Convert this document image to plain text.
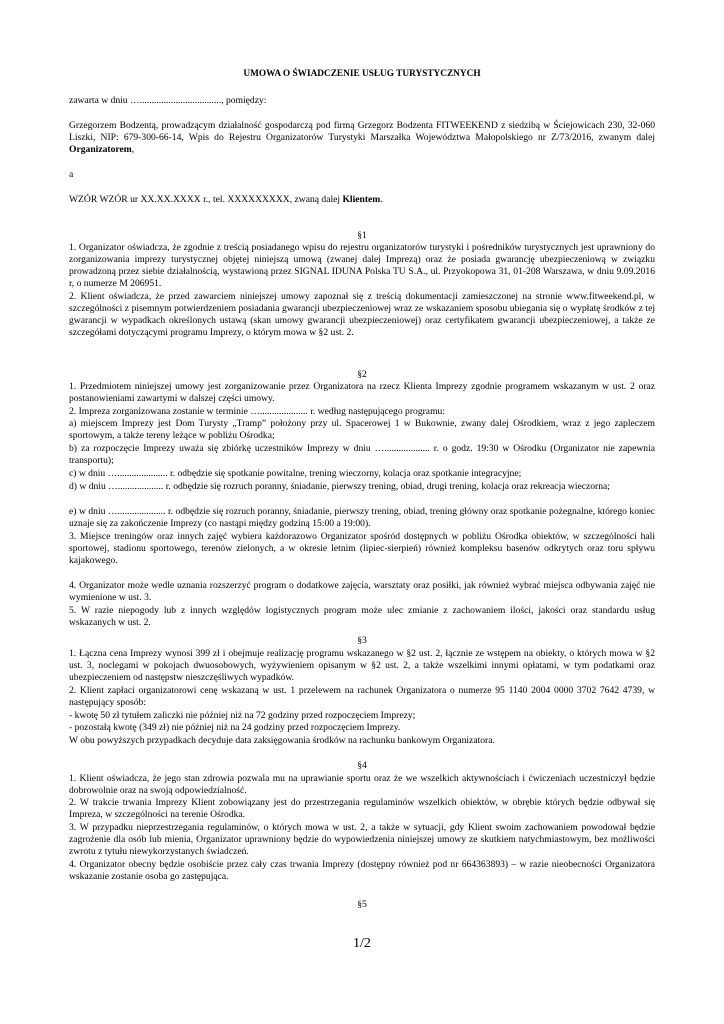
UMOWA O ŚWIADCZENIE USŁUG TURYSTYCZNYCH
zawarta w dniu ….................................., pomiędzy:
Grzegorzem Bodzentą, prowadzącym działalność gospodarczą pod firmą Grzegorz Bodzenta FITWEEKEND z siedzibą w Ściejowicach 230, 32-060 Liszki, NIP: 679-300-66-14, Wpis do Rejestru Organizatorów Turystyki Marszałka Województwa Małopolskiego nr Z/73/2016, zwanym dalej Organizatorem,
a
WZÓR WZÓR ur XX.XX.XXXX r., tel. XXXXXXXXX, zwaną dalej Klientem.
§1
1. Organizator oświadcza, że zgodnie z treścią posiadanego wpisu do rejestru organizatorów turystyki i pośredników turystycznych jest uprawniony do zorganizowania imprezy turystycznej objętej niniejszą umową (zwanej dalej Imprezą) oraz że posiada gwarancję ubezpieczeniową w związku prowadzoną przez siebie działalnością, wystawioną przez SIGNAL IDUNA Polska TU S.A., ul. Przyokopowa 31, 01-208 Warszawa, w dniu 9.09.2016 r, o numerze M 206951.
2. Klient oświadcza, że przed zawarciem niniejszej umowy zapoznał się z treścią dokumentacji zamieszczonej na stronie www.fitweekend.pl, w szczególności z pisemnym potwierdzeniem posiadania gwarancji ubezpieczeniowej wraz ze wskazaniem sposobu ubiegania się o wypłatę środków z tej gwarancji w wypadkach określonych ustawą (skan umowy gwarancji ubezpieczeniowej) oraz certyfikatem gwarancji ubezpieczeniowej, a także ze szczegółami dotyczącymi programu Imprezy, o którym mowa w §2 ust. 2.
§2
1. Przedmiotem niniejszej umowy jest zorganizowanie przez Organizatora na rzecz Klienta Imprezy zgodnie programem wskazanym w ust. 2 oraz postanowieniami zawartymi w dalszej części umowy.
2. Impreza zorganizowana zostanie w terminie ….................... r. według następującego programu:
a) miejscem Imprezy jest Dom Turysty „Tramp” położony przy ul. Spacerowej 1 w Bukownie, zwany dalej Ośrodkiem, wraz z jego zapleczem sportowym, a także tereny leżące w pobliżu Ośrodka;
b) za rozpoczęcie Imprezy uważa się zbiórkę uczestników Imprezy w dniu …................... r. o godz. 19:30 w Ośrodku (Organizator nie zapewnia transportu);
c) w dniu …..................... r. odbędzie się spotkanie powitalne, trening wieczorny, kolacja oraz spotkanie integracyjne;
d) w dniu …................... r. odbędzie się rozruch poranny, śniadanie, pierwszy trening, obiad, drugi trening, kolacja oraz rekreacja wieczorna;
e) w dniu ….................... r. odbędzie się rozruch poranny, śniadanie, pierwszy trening, obiad, trening główny oraz spotkanie pożegnalne, którego koniec uznaje się za zakończenie Imprezy (co nastąpi między godziną 15:00 a 19:00).
3. Miejsce treningów oraz innych zajęć wybiera każdorazowo Organizator spośród dostępnych w pobliżu Ośrodka obiektów, w szczególności hali sportowej, stadionu sportowego, terenów zielonych, a w okresie letnim (lipiec-sierpień) również kompleksu basenów odkrytych oraz toru spływu kajakowego.
4. Organizator może wedle uznania rozszerzyć program o dodatkowe zajęcia, warsztaty oraz posiłki, jak również wybrać miejsca odbywania zajęć nie wymienione w ust. 3.
5. W razie niepogody lub z innych względów logistycznych program może ulec zmianie z zachowaniem ilości, jakości oraz standardu usług wskazanych w ust. 2.
§3
1. Łączna cena Imprezy wynosi 399 zł i obejmuje realizację programu wskazanego w §2 ust. 2, łącznie ze wstępem na obiekty, o których mowa w §2 ust. 3, noclegami w pokojach dwuosobowych, wyżywieniem opisanym w §2 ust. 2, a także wszelkimi innymi opłatami, w tym podatkami oraz ubezpieczeniem od następstw nieszczęśliwych wypadków.
2. Klient zapłaci organizatorowi cenę wskazaną w ust. 1 przelewem na rachunek Organizatora o numerze 95 1140 2004 0000 3702 7642 4739, w następujący sposób:
- kwotę 50 zł tytułem zaliczki nie później niż na 72 godziny przed rozpoczęciem Imprezy;
- pozostałą kwotę (349 zł) nie później niż na 24 godziny przed rozpoczęciem Imprezy.
W obu powyższych przypadkach decyduje data zaksięgowania środków na rachunku bankowym Organizatora.
§4
1. Klient oświadcza, że jego stan zdrowia pozwala mu na uprawianie sportu oraz że we wszelkich aktywnościach i ćwiczeniach uczestniczył będzie dobrowolnie oraz na swoją odpowiedzialność.
2. W trakcie trwania Imprezy Klient zobowiązany jest do przestrzegania regulaminów wszelkich obiektów, w obrębie których będzie odbywał się Impreza, w szczególności na terenie Ośrodka.
3. W przypadku nieprzestrzegania regulaminów, o których mowa w ust. 2, a także w sytuacji, gdy Klient swoim zachowaniem powodował będzie zagrożenie dla osób lub mienia, Organizator uprawniony będzie do wypowiedzenia niniejszej umowy ze skutkiem natychmiastowym, bez możliwości zwrotu z tytułu niewykorzystanych świadczeń.
4. Organizator obecny będzie osobiście przez cały czas trwania Imprezy (dostępny również pod nr 664363893) – w razie nieobecności Organizatora wskazanie zostanie osoba go zastępująca.
§5
1/2
